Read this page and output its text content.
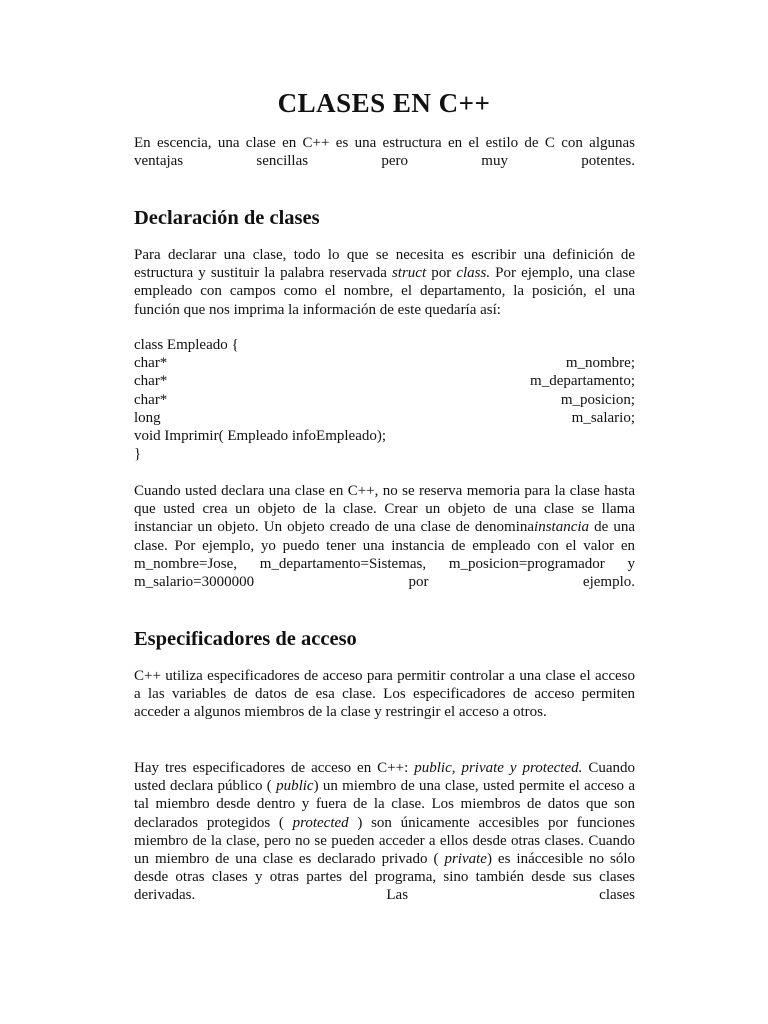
CLASES EN C++

En escencia, una clase en C++ es una estructura en el estilo de C con algunas

ventajas sencillas pero muy potentes.

Declaración de clases

Para declarar una clase, todo lo que se necesita es escribir una definición de estructura y sustituir la palabra reservada struct por class. Por ejemplo, una clase empleado con campos como el nombre, el departamento, la posición, el una función que nos imprima la información de este quedaría así:

class Empleado {
char*	m_nombre;
char*	m_departamento;
char*	m_posicion;
long	m_salario;
void Imprimir( Empleado infoEmpleado);
}

Cuando usted declara una clase en C++, no se reserva memoria para la clase hasta que usted crea un objeto de la clase. Crear un objeto de una clase se llama instanciar un objeto. Un objeto creado de una clase de denominainstancia de una clase. Por ejemplo, yo puedo tener una instancia de empleado con el valor en m_nombre=Jose, m_departamento=Sistemas, m_posicion=programador y m_salario=3000000 por ejemplo.

Especificadores de acceso

C++ utiliza especificadores de acceso para permitir controlar a una clase el acceso a las variables de datos de esa clase. Los especificadores de acceso permiten acceder a algunos miembros de la clase y restringir el acceso a otros.

Hay tres especificadores de acceso en C++: public, private y protected. Cuando usted declara público ( public) un miembro de una clase, usted permite el acceso a tal miembro desde dentro y fuera de la clase. Los miembros de datos que son declarados protegidos ( protected ) son únicamente accesibles por funciones miembro de la clase, pero no se pueden acceder a ellos desde otras clases. Cuando un miembro de una clase es declarado privado ( private) es ináccesible no sólo desde otras clases y otras partes del programa, sino también desde sus clases derivadas. Las clases
